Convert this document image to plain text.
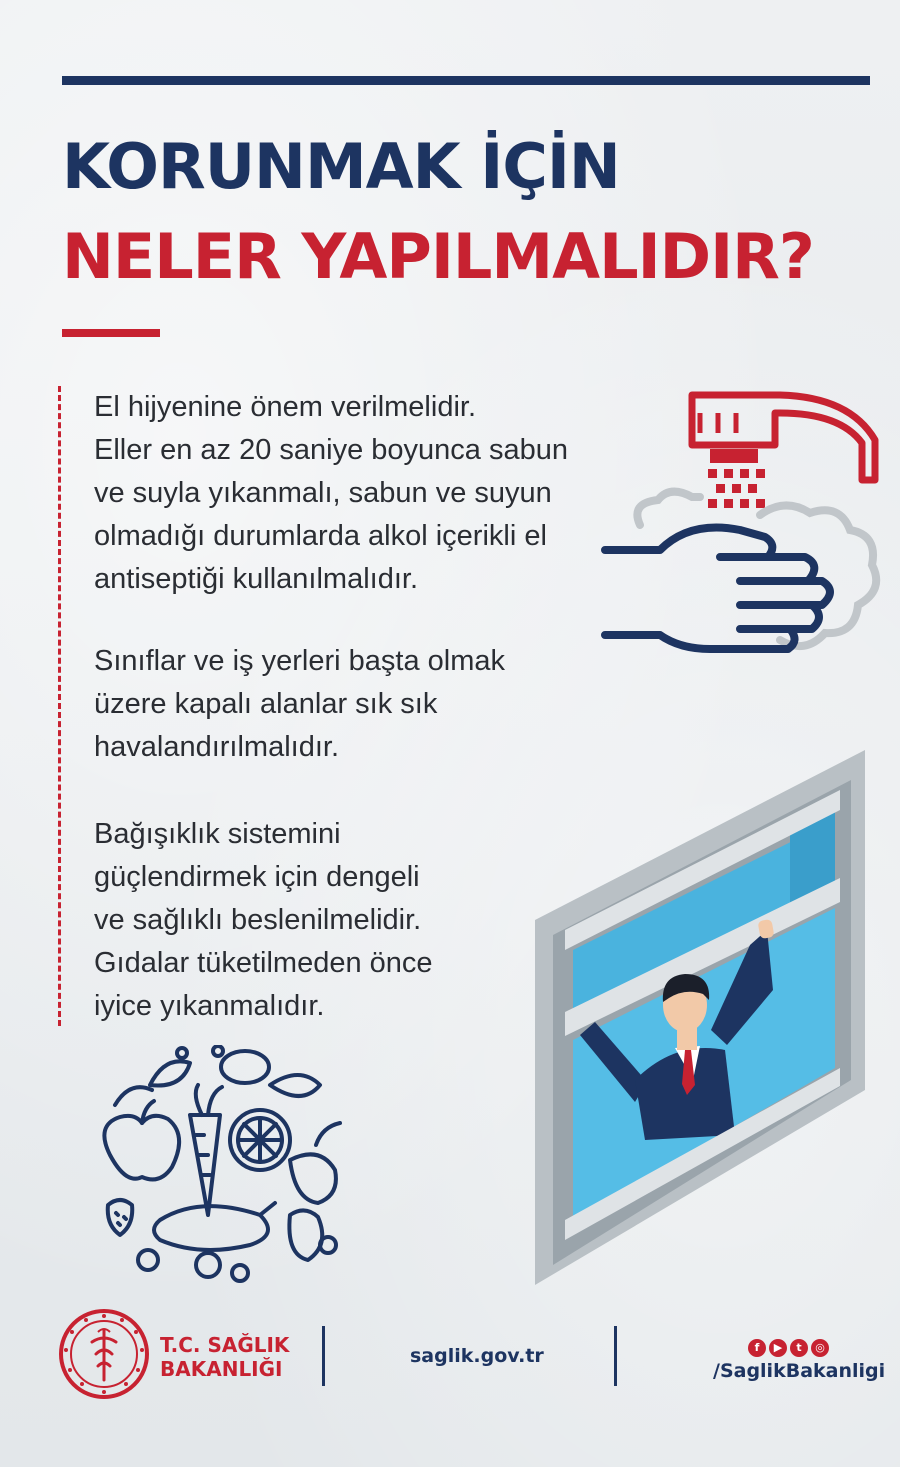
KORUNMAK İÇİN
NELER YAPILMALIDIR?

El hijyenine önem verilmelidir.
Eller en az 20 saniye boyunca sabun
ve suyla yıkanmalı, sabun ve suyun
olmadığı durumlarda alkol içerikli el
antiseptiği kullanılmalıdır.

Sınıflar ve iş yerleri başta olmak
üzere kapalı alanlar sık sık
havalandırılmalıdır.

Bağışıklık sistemini
güçlendirmek için dengeli
ve sağlıklı beslenilmelidir.
Gıdalar tüketilmeden önce
iyice yıkanmalıdır.

T.C. SAĞLIK
BAKANLIĞI
saglik.gov.tr	f	▶	t	◎
/SaglikBakanligi
